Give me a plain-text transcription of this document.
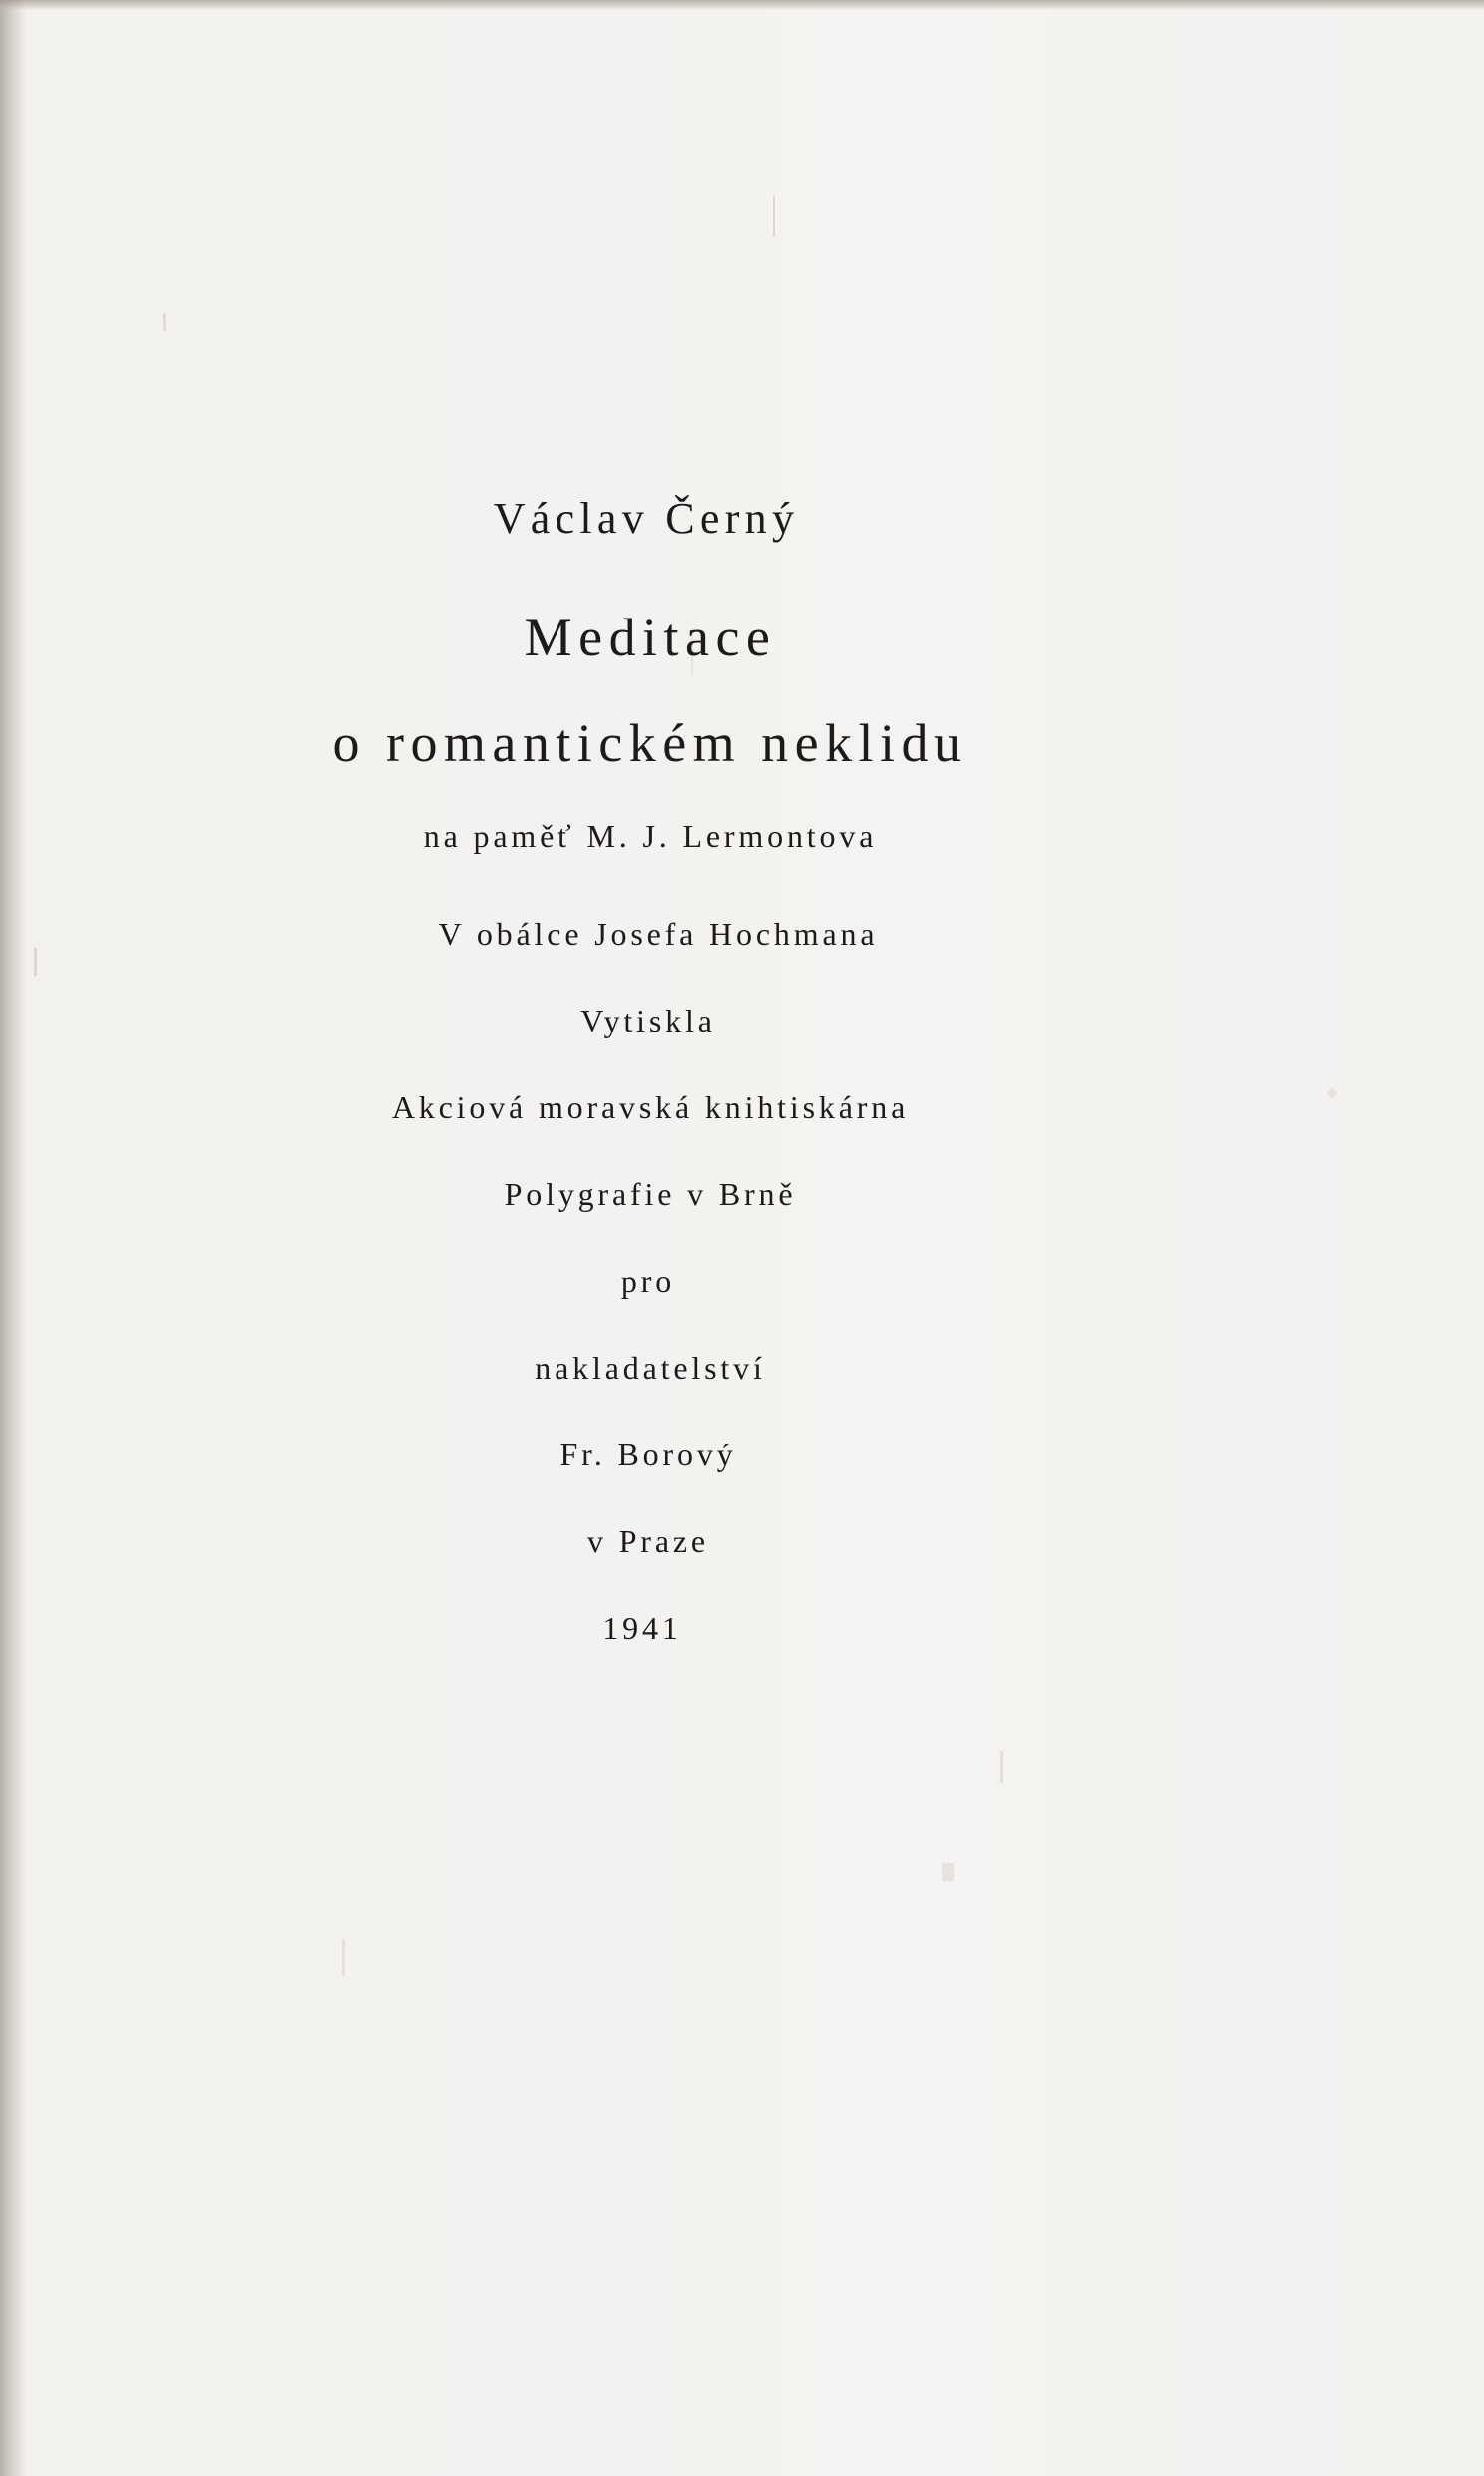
Václav Černý
Meditace
o romantickém neklidu
na paměť M. J. Lermontova
V obálce Josefa Hochmana
Vytiskla
Akciová moravská knihtiskárna
Polygrafie v Brně
pro
nakladatelství
Fr. Borový
v Praze
1941
